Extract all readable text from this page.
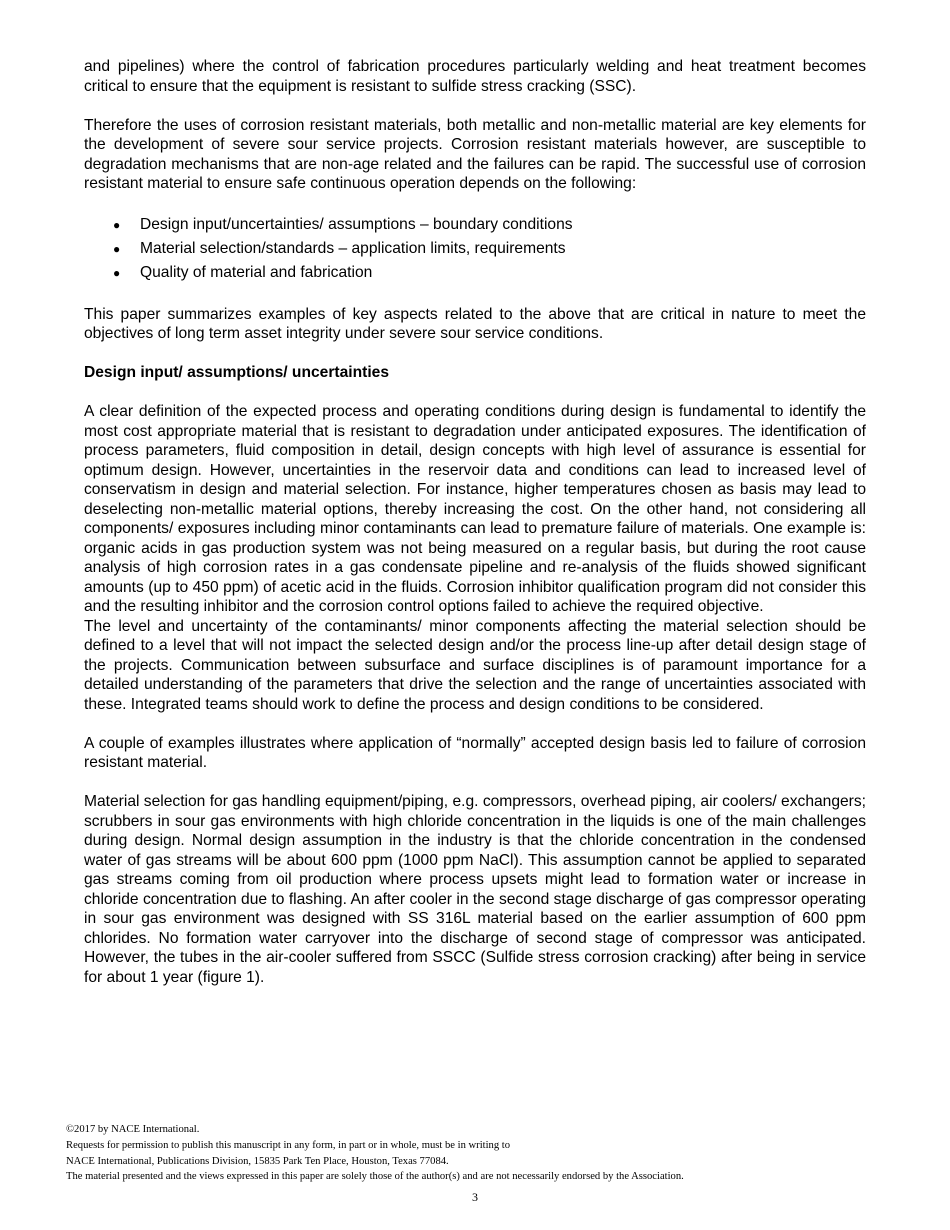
and pipelines) where the control of fabrication procedures particularly welding and heat treatment becomes critical to ensure that the equipment is resistant to sulfide stress cracking (SSC).

Therefore the uses of corrosion resistant materials, both metallic and non-metallic material are key elements for the development of severe sour service projects. Corrosion resistant materials however, are susceptible to degradation mechanisms that are non-age related and the failures can be rapid. The successful use of corrosion resistant material to ensure safe continuous operation depends on the following:

● Design input/uncertainties/ assumptions – boundary conditions
● Material selection/standards – application limits, requirements
● Quality of material and fabrication

This paper summarizes examples of key aspects related to the above that are critical in nature to meet the objectives of long term asset integrity under severe sour service conditions.

Design input/ assumptions/ uncertainties

A clear definition of the expected process and operating conditions during design is fundamental to identify the most cost appropriate material that is resistant to degradation under anticipated exposures. The identification of process parameters, fluid composition in detail, design concepts with high level of assurance is essential for optimum design. However, uncertainties in the reservoir data and conditions can lead to increased level of conservatism in design and material selection. For instance, higher temperatures chosen as basis may lead to deselecting non-metallic material options, thereby increasing the cost. On the other hand, not considering all components/ exposures including minor contaminants can lead to premature failure of materials. One example is: organic acids in gas production system was not being measured on a regular basis, but during the root cause analysis of high corrosion rates in a gas condensate pipeline and re-analysis of the fluids showed significant amounts (up to 450 ppm) of acetic acid in the fluids. Corrosion inhibitor qualification program did not consider this and the resulting inhibitor and the corrosion control options failed to achieve the required objective.

The level and uncertainty of the contaminants/ minor components affecting the material selection should be defined to a level that will not impact the selected design and/or the process line-up after detail design stage of the projects. Communication between subsurface and surface disciplines is of paramount importance for a detailed understanding of the parameters that drive the selection and the range of uncertainties associated with these. Integrated teams should work to define the process and design conditions to be considered.

A couple of examples illustrates where application of “normally” accepted design basis led to failure of corrosion resistant material.

Material selection for gas handling equipment/piping, e.g. compressors, overhead piping, air coolers/ exchangers; scrubbers in sour gas environments with high chloride concentration in the liquids is one of the main challenges during design. Normal design assumption in the industry is that the chloride concentration in the condensed water of gas streams will be about 600 ppm (1000 ppm NaCl). This assumption cannot be applied to separated gas streams coming from oil production where process upsets might lead to formation water or increase in chloride concentration due to flashing. An after cooler in the second stage discharge of gas compressor operating in sour gas environment was designed with SS 316L material based on the earlier assumption of 600 ppm chlorides. No formation water carryover into the discharge of second stage of compressor was anticipated. However, the tubes in the air-cooler suffered from SSCC (Sulfide stress corrosion cracking) after being in service for about 1 year (figure 1).

©2017 by NACE International.
Requests for permission to publish this manuscript in any form, in part or in whole, must be in writing to
NACE International, Publications Division, 15835 Park Ten Place, Houston, Texas 77084.
The material presented and the views expressed in this paper are solely those of the author(s) and are not necessarily endorsed by the Association.
3
